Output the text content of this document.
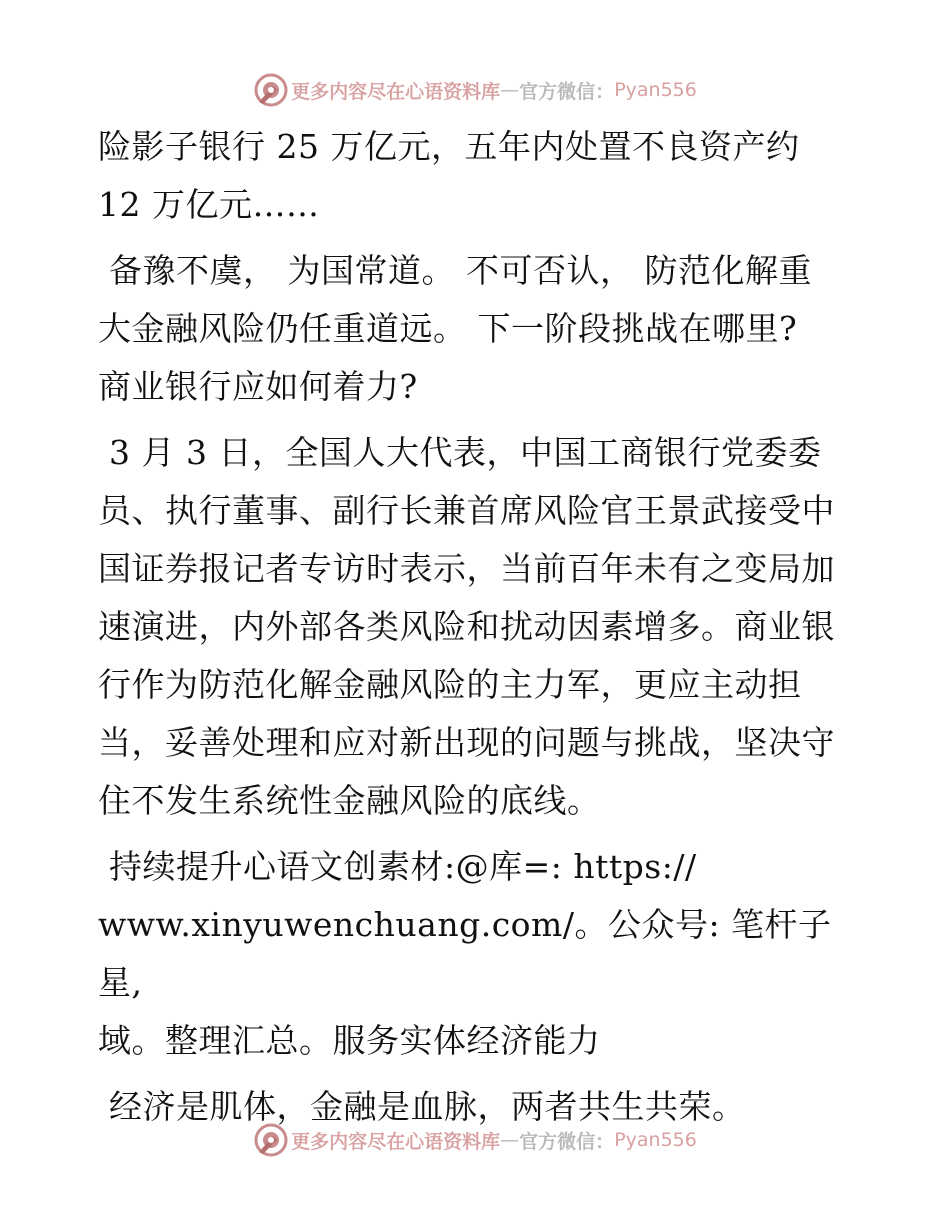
更多内容尽在心语资料库 — 官方微信： Pyan556
险影子银行 25 万亿元，五年内处置不良资产约
12 万亿元……
备豫不虞， 为国常道。 不可否认， 防范化解重
大金融风险仍任重道远。 下一阶段挑战在哪里?
商业银行应如何着力?
3 月 3 日，全国人大代表，中国工商银行党委委
员、执行董事、副行长兼首席风险官王景武接受中
国证券报记者专访时表示，当前百年未有之变局加
速演进，内外部各类风险和扰动因素增多。商业银
行作为防范化解金融风险的主力军，更应主动担
当，妥善处理和应对新出现的问题与挑战，坚决守
住不发生系统性金融风险的底线。
持续提升心语文创素材:@库=: https://
www.xinyuwenchuang.com/。公众号: 笔杆子星,
域。整理汇总。服务实体经济能力
经济是肌体，金融是血脉，两者共生共荣。
更多内容尽在心语资料库 — 官方微信： Pyan556
